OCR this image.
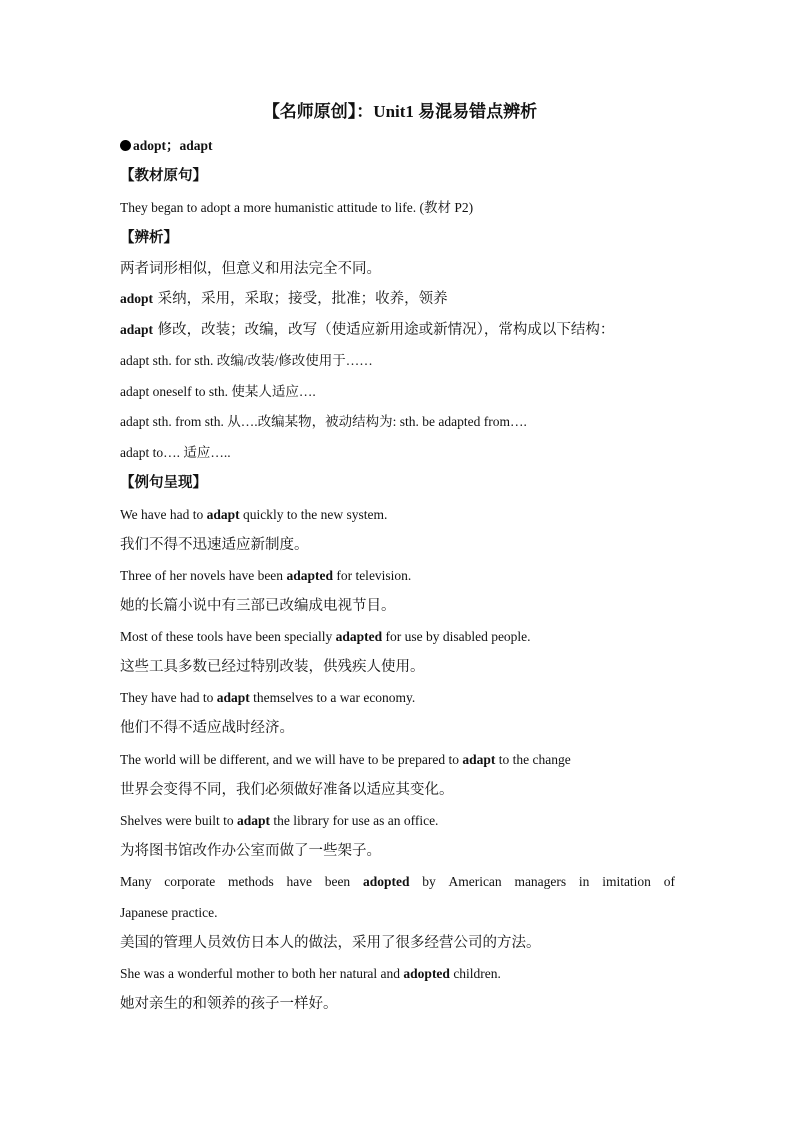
【名师原创】：Unit1 易混易错点辨析
adopt；adapt
【教材原句】
They began to adopt a more humanistic attitude to life. (教材 P2)
【辨析】
两者词形相似，但意义和用法完全不同。
adopt 采纳，采用，采取；接受，批准；收养，领养
adapt 修改，改装；改编，改写（使适应新用途或新情况），常构成以下结构：
adapt sth. for sth. 改编/改装/修改使用于……
adapt oneself to sth. 使某人适应….
adapt sth. from sth. 从….改编某物，被动结构为: sth. be adapted from….
adapt to…. 适应…..
【例句呈现】
We have had to adapt quickly to the new system.
我们不得不迅速适应新制度。
Three of her novels have been adapted for television.
她的长篇小说中有三部已改编成电视节目。
Most of these tools have been specially adapted for use by disabled people.
这些工具多数已经过特别改装，供残疾人使用。
They have had to adapt themselves to a war economy.
他们不得不适应战时经济。
The world will be different, and we will have to be prepared to adapt to the change
世界会变得不同，我们必须做好准备以适应其变化。
Shelves were built to adapt the library for use as an office.
为将图书馆改作办公室而做了一些架子。
Many corporate methods have been adopted by American managers in imitation of
Japanese practice.
美国的管理人员效仿日本人的做法，采用了很多经营公司的方法。
She was a wonderful mother to both her natural and adopted children.
她对亲生的和领养的孩子一样好。
